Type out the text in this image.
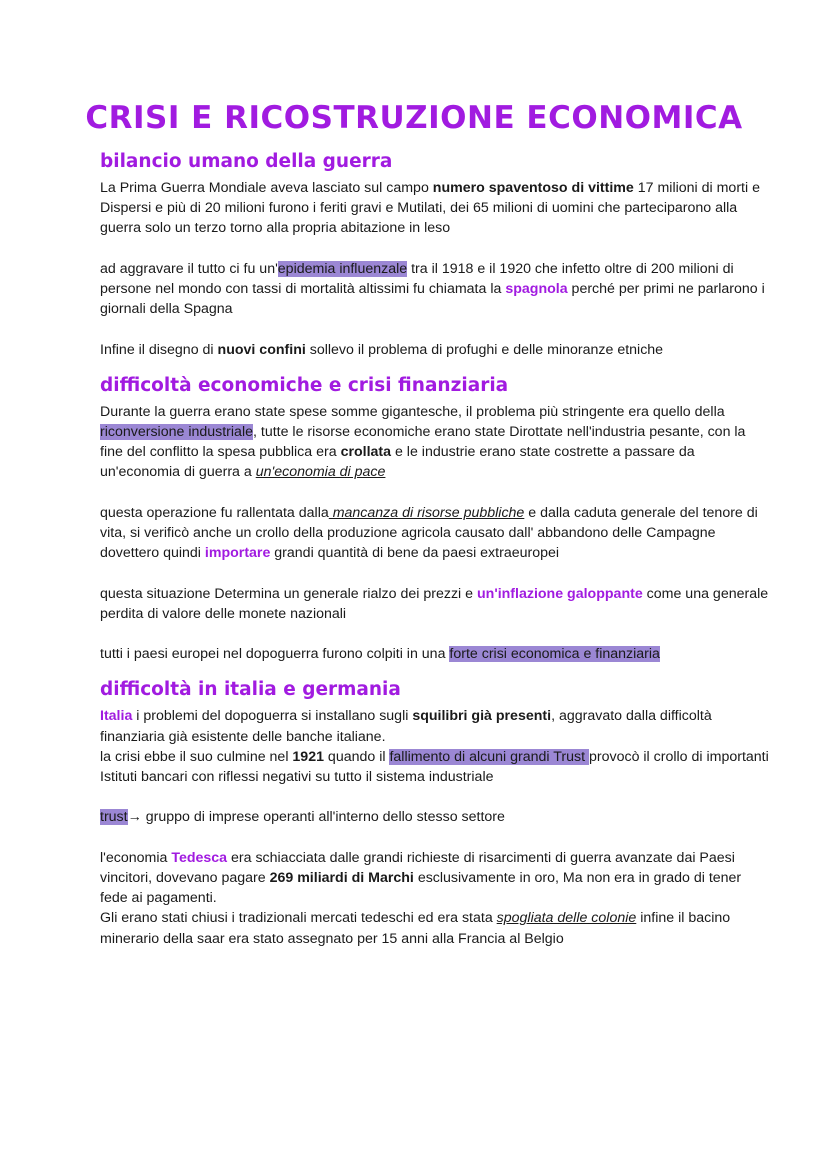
CRISI E RICOSTRUZIONE ECONOMICA
bilancio umano della guerra

La Prima Guerra Mondiale aveva lasciato sul campo numero spaventoso di vittime 17 milioni di morti e Dispersi e più di 20 milioni furono i feriti gravi e Mutilati, dei 65 milioni di uomini che parteciparono alla guerra solo un terzo torno alla propria abitazione in leso

ad aggravare il tutto ci fu un'epidemia influenzale tra il 1918 e il 1920 che infetto oltre di 200 milioni di persone nel mondo con tassi di mortalità altissimi fu chiamata la spagnola perché per primi ne parlarono i giornali della Spagna

Infine il disegno di nuovi confini sollevo il problema di profughi e delle minoranze etniche

difficoltà economiche e crisi finanziaria

Durante la guerra erano state spese somme gigantesche, il problema più stringente era quello della riconversione industriale, tutte le risorse economiche erano state Dirottate nell'industria pesante, con la fine del conflitto la spesa pubblica era crollata e le industrie erano state costrette a passare da un'economia di guerra a un'economia di pace

questa operazione fu rallentata dalla mancanza di risorse pubbliche e dalla caduta generale del tenore di vita, si verificò anche un crollo della produzione agricola causato dall' abbandono delle Campagne dovettero quindi importare grandi quantità di bene da paesi extraeuropei

questa situazione Determina un generale rialzo dei prezzi e un'inflazione galoppante come una generale perdita di valore delle monete nazionali

tutti i paesi europei nel dopoguerra furono colpiti in una forte crisi economica e finanziaria

difficoltà in italia e germania

Italia i problemi del dopoguerra si installano sugli squilibri già presenti, aggravato dalla difficoltà finanziaria già esistente delle banche italiane.

la crisi ebbe il suo culmine nel 1921 quando il fallimento di alcuni grandi Trust provocò il crollo di importanti Istituti bancari con riflessi negativi su tutto il sistema industriale

trust→ gruppo di imprese operanti all'interno dello stesso settore

l'economia Tedesca era schiacciata dalle grandi richieste di risarcimenti di guerra avanzate dai Paesi vincitori, dovevano pagare 269 miliardi di Marchi esclusivamente in oro, Ma non era in grado di tener fede ai pagamenti.

Gli erano stati chiusi i tradizionali mercati tedeschi ed era stata spogliata delle colonie infine il bacino minerario della saar era stato assegnato per 15 anni alla Francia al Belgio
